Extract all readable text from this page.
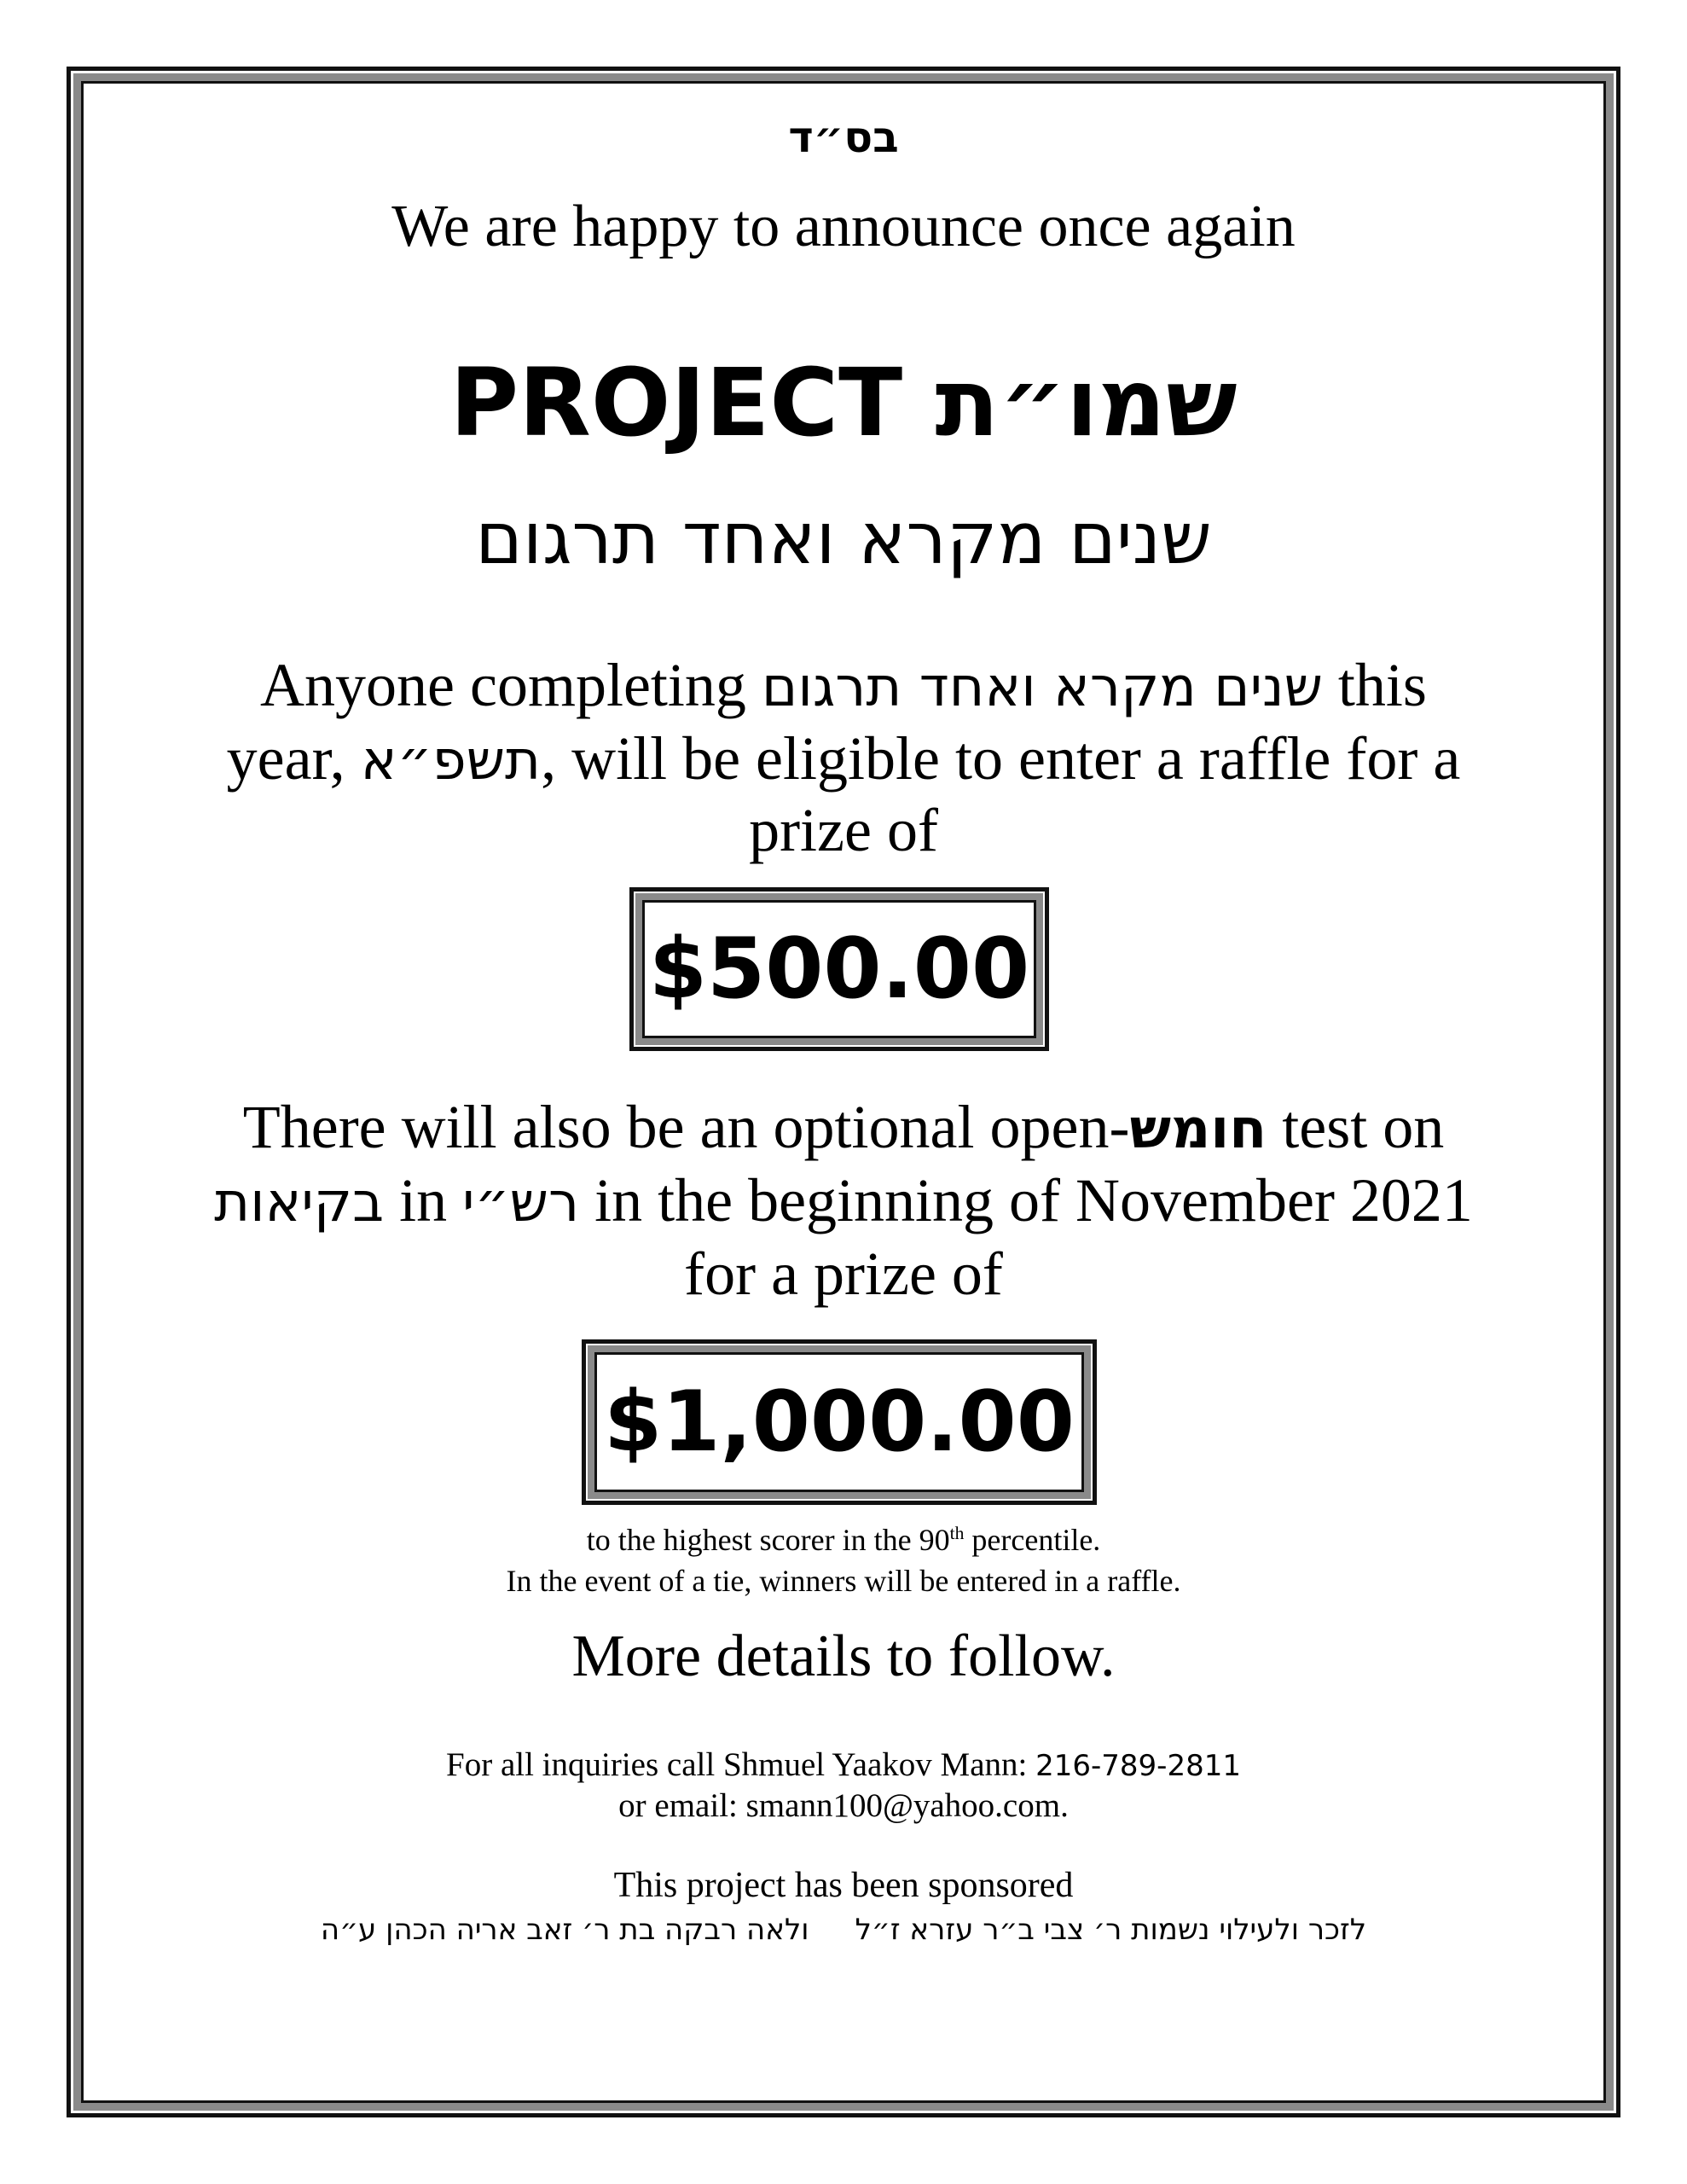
בס״ד
We are happy to announce once again
PROJECT שמו״ת
שנים מקרא ואחד תרגום
Anyone completing שנים מקרא ואחד תרגום this
year, תשפ״א, will be eligible to enter a raffle for a
prize of
$500.00
There will also be an optional open-חומש test on
בקיאות in רש״י in the beginning of November 2021
for a prize of
$1,000.00
to the highest scorer in the 90th percentile.
In the event of a tie, winners will be entered in a raffle.
More details to follow.
For all inquiries call Shmuel Yaakov Mann: 216-789-2811
or email: smann100@yahoo.com.
This project has been sponsored
לזכר ולעילוי נשמות ר׳ צבי ב״ר עזרא ז״ל     ולאה רבקה בת ר׳ זאב אריה הכהן ע״ה
